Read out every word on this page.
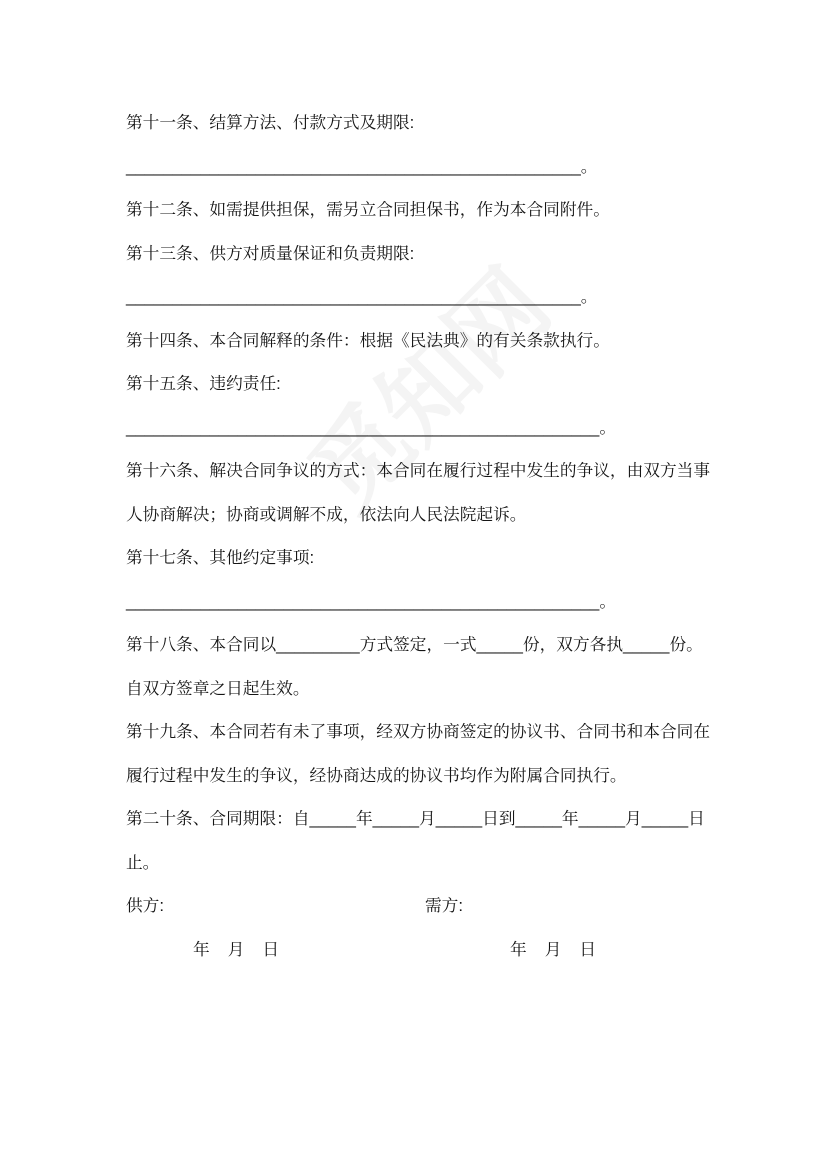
第十一条、结算方法、付款方式及期限:

_________________________________________________。

第十二条、如需提供担保，需另立合同担保书，作为本合同附件。

第十三条、供方对质量保证和负责期限:

_________________________________________________。

第十四条、本合同解释的条件：根据《民法典》的有关条款执行。

第十五条、违约责任:

___________________________________________________。

第十六条、解决合同争议的方式：本合同在履行过程中发生的争议，由双方当事

人协商解决；协商或调解不成，依法向人民法院起诉。

第十七条、其他约定事项:

___________________________________________________。

第十八条、本合同以_________方式签定，一式_____份，双方各执_____份。

自双方签章之日起生效。

第十九条、本合同若有未了事项，经双方协商签定的协议书、合同书和本合同在

履行过程中发生的争议，经协商达成的协议书均作为附属合同执行。

第二十条、合同期限：自_____年_____月_____日到_____年_____月_____日

止。

供方:	需方:
年 月 日	年 月 日
